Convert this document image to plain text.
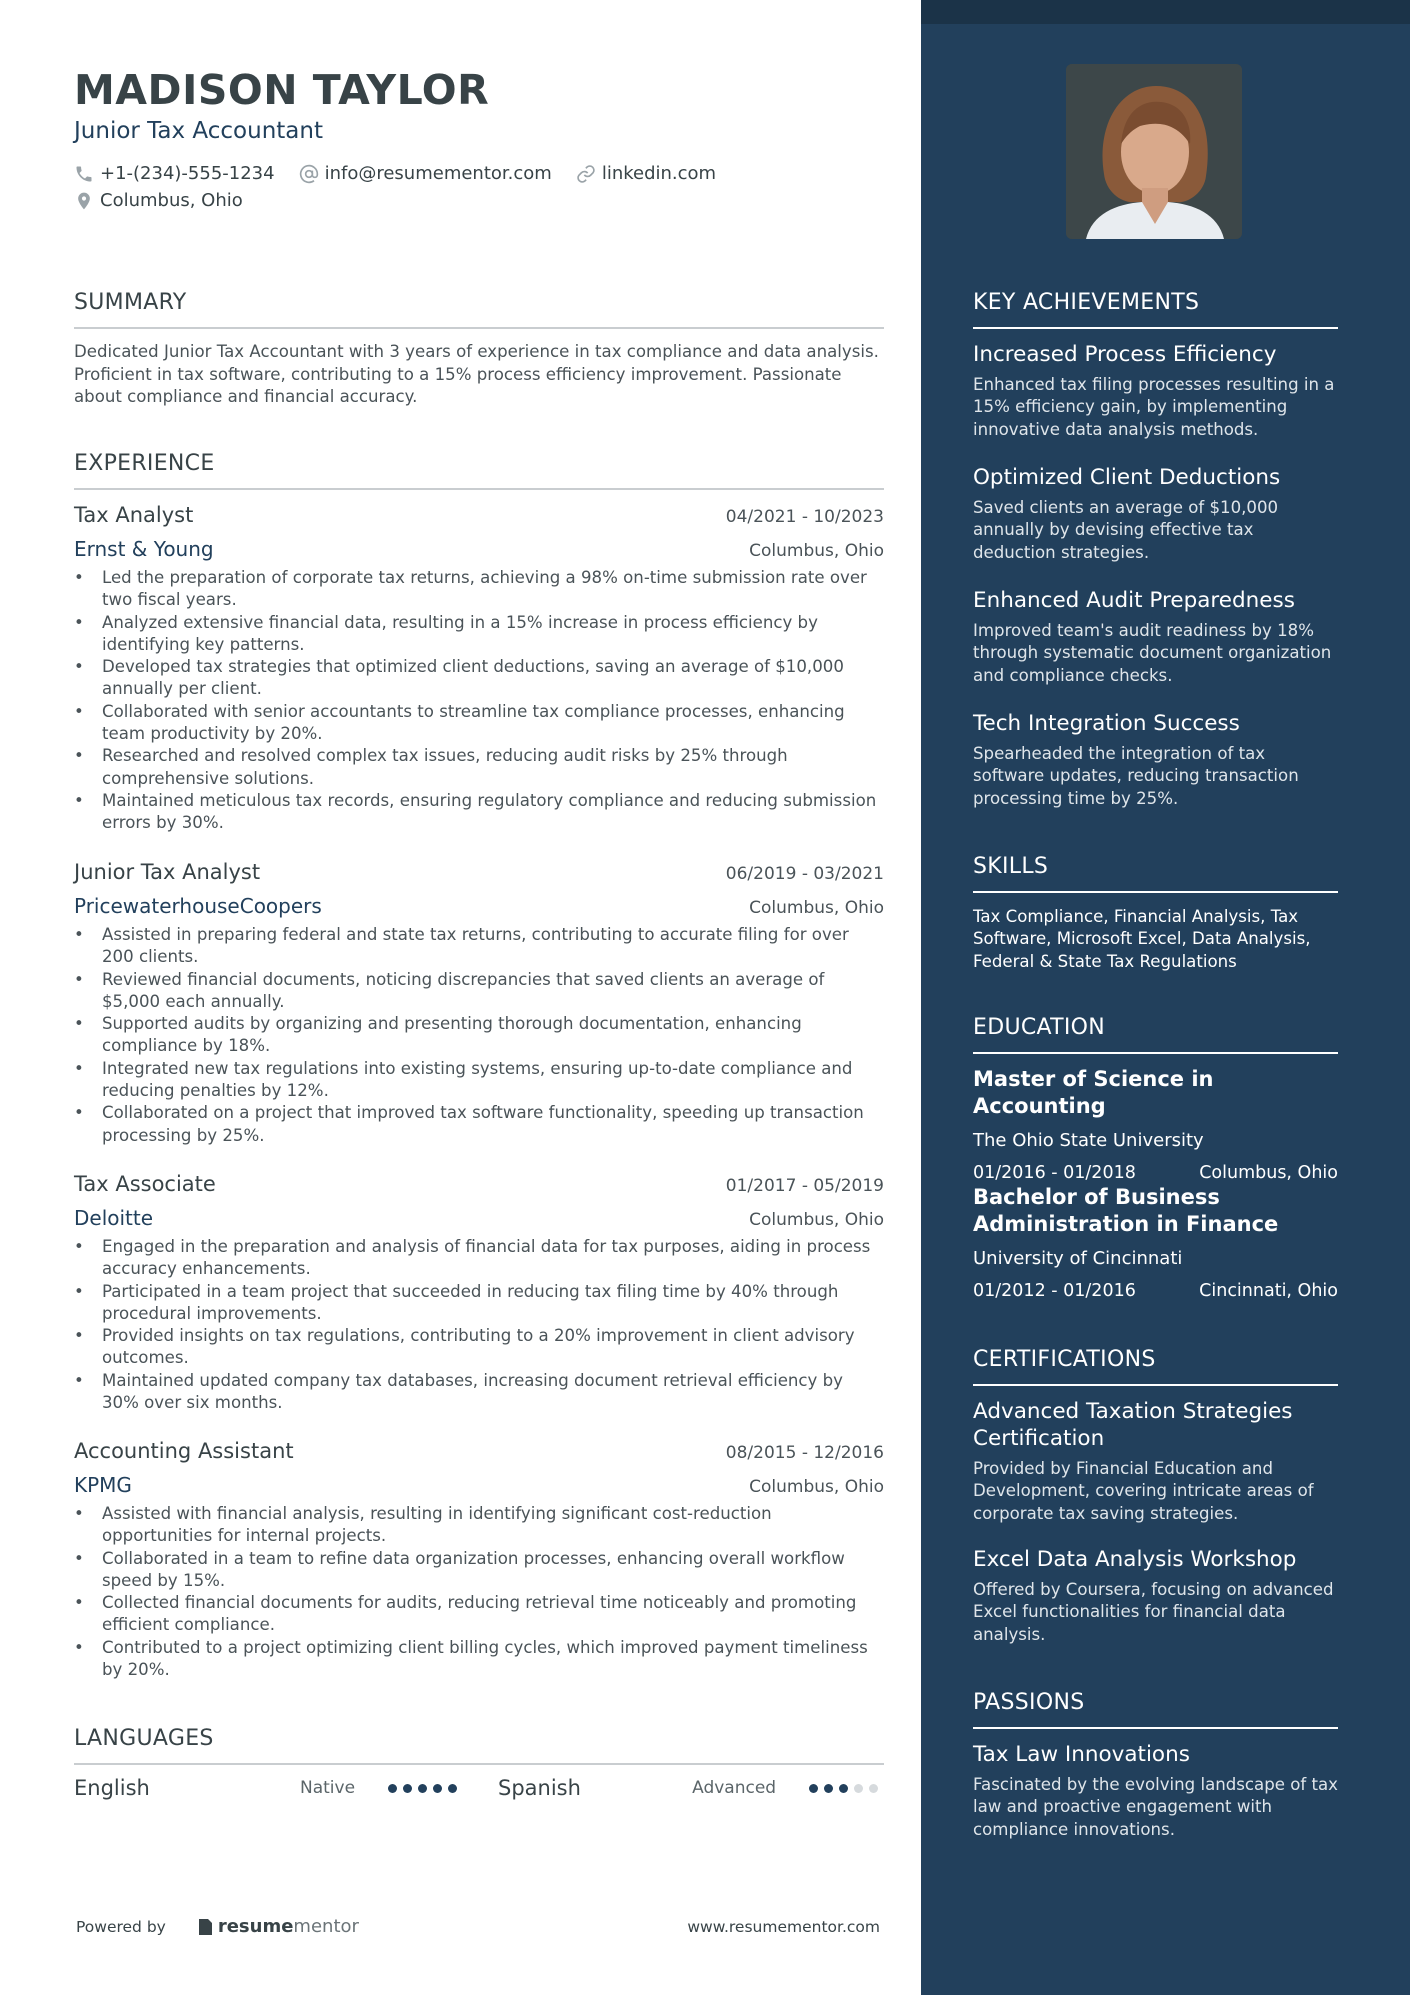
MADISON TAYLOR
Junior Tax Accountant
+1-(234)-555-1234	info@resumementor.com	linkedin.com
Columbus, Ohio
SUMMARY
Dedicated Junior Tax Accountant with 3 years of experience in tax compliance and data analysis. Proficient in tax software, contributing to a 15% process efficiency improvement. Passionate about compliance and financial accuracy.
EXPERIENCE
Tax Analyst	04/2021 - 10/2023
Ernst & Young	Columbus, Ohio
• Led the preparation of corporate tax returns, achieving a 98% on-time submission rate over two fiscal years.
• Analyzed extensive financial data, resulting in a 15% increase in process efficiency by identifying key patterns.
• Developed tax strategies that optimized client deductions, saving an average of $10,000 annually per client.
• Collaborated with senior accountants to streamline tax compliance processes, enhancing team productivity by 20%.
• Researched and resolved complex tax issues, reducing audit risks by 25% through comprehensive solutions.
• Maintained meticulous tax records, ensuring regulatory compliance and reducing submission errors by 30%.
Junior Tax Analyst	06/2019 - 03/2021
PricewaterhouseCoopers	Columbus, Ohio
• Assisted in preparing federal and state tax returns, contributing to accurate filing for over 200 clients.
• Reviewed financial documents, noticing discrepancies that saved clients an average of $5,000 each annually.
• Supported audits by organizing and presenting thorough documentation, enhancing compliance by 18%.
• Integrated new tax regulations into existing systems, ensuring up-to-date compliance and reducing penalties by 12%.
• Collaborated on a project that improved tax software functionality, speeding up transaction processing by 25%.
Tax Associate	01/2017 - 05/2019
Deloitte	Columbus, Ohio
• Engaged in the preparation and analysis of financial data for tax purposes, aiding in process accuracy enhancements.
• Participated in a team project that succeeded in reducing tax filing time by 40% through procedural improvements.
• Provided insights on tax regulations, contributing to a 20% improvement in client advisory outcomes.
• Maintained updated company tax databases, increasing document retrieval efficiency by 30% over six months.
Accounting Assistant	08/2015 - 12/2016
KPMG	Columbus, Ohio
• Assisted with financial analysis, resulting in identifying significant cost-reduction opportunities for internal projects.
• Collaborated in a team to refine data organization processes, enhancing overall workflow speed by 15%.
• Collected financial documents for audits, reducing retrieval time noticeably and promoting efficient compliance.
• Contributed to a project optimizing client billing cycles, which improved payment timeliness by 20%.
LANGUAGES
English	Native	Spanish	Advanced
Powered by	resume mentor	www.resumementor.com
KEY ACHIEVEMENTS
Increased Process Efficiency
Enhanced tax filing processes resulting in a 15% efficiency gain, by implementing innovative data analysis methods.
Optimized Client Deductions
Saved clients an average of $10,000 annually by devising effective tax deduction strategies.
Enhanced Audit Preparedness
Improved team's audit readiness by 18% through systematic document organization and compliance checks.
Tech Integration Success
Spearheaded the integration of tax software updates, reducing transaction processing time by 25%.
SKILLS
Tax Compliance, Financial Analysis, Tax Software, Microsoft Excel, Data Analysis, Federal & State Tax Regulations
EDUCATION
Master of Science in Accounting
The Ohio State University
01/2016 - 01/2018	Columbus, Ohio
Bachelor of Business Administration in Finance
University of Cincinnati
01/2012 - 01/2016	Cincinnati, Ohio
CERTIFICATIONS
Advanced Taxation Strategies Certification
Provided by Financial Education and Development, covering intricate areas of corporate tax saving strategies.
Excel Data Analysis Workshop
Offered by Coursera, focusing on advanced Excel functionalities for financial data analysis.
PASSIONS
Tax Law Innovations
Fascinated by the evolving landscape of tax law and proactive engagement with compliance innovations.
